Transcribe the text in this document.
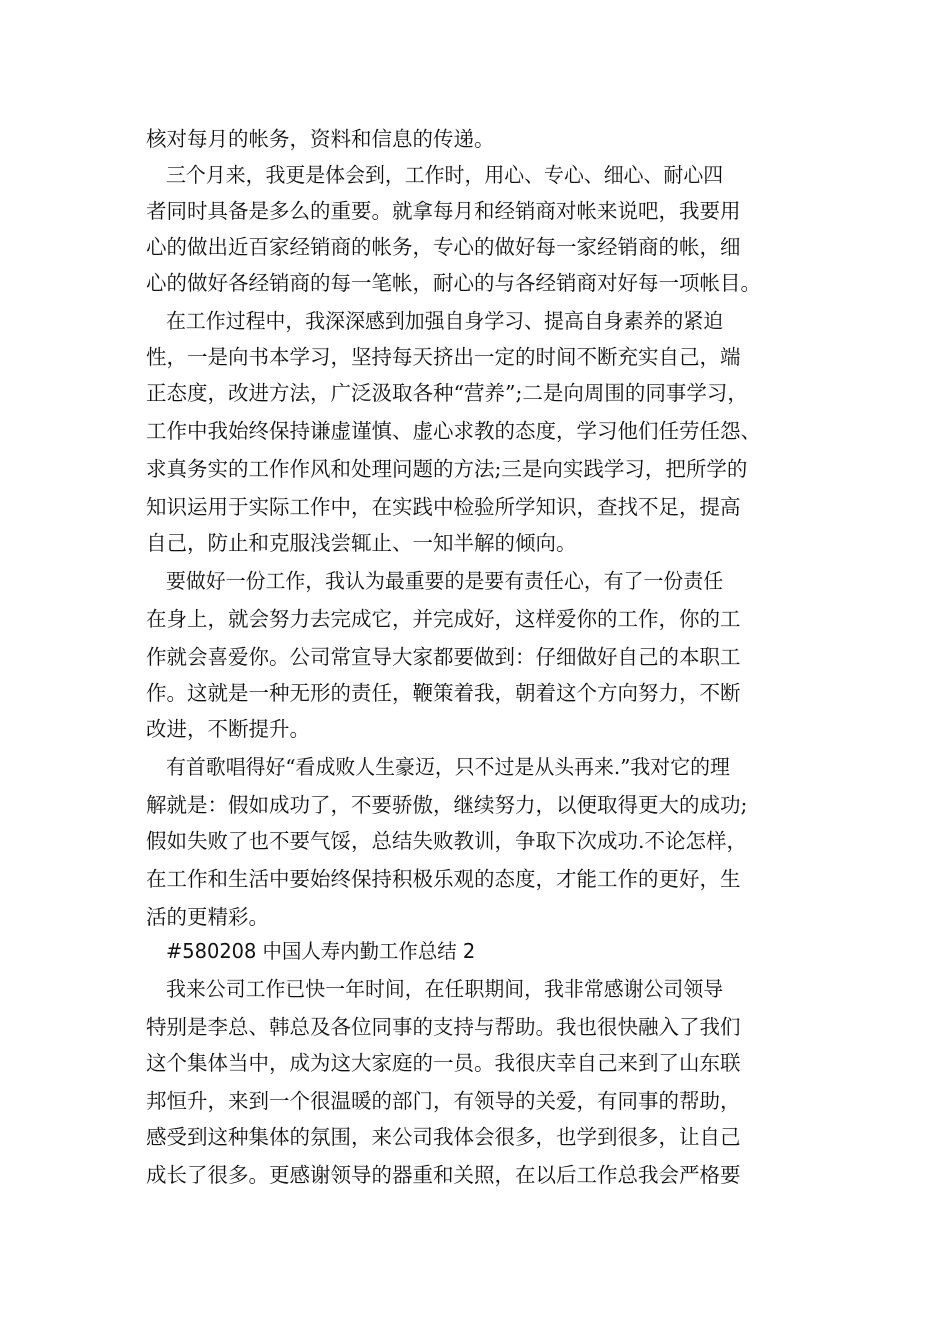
核对每月的帐务，资料和信息的传递。
三个月来，我更是体会到，工作时，用心、专心、细心、耐心四
者同时具备是多么的重要。就拿每月和经销商对帐来说吧，我要用
心的做出近百家经销商的帐务，专心的做好每一家经销商的帐，细
心的做好各经销商的每一笔帐，耐心的与各经销商对好每一项帐目。
在工作过程中，我深深感到加强自身学习、提高自身素养的紧迫
性，一是向书本学习，坚持每天挤出一定的时间不断充实自己，端
正态度，改进方法，广泛汲取各种“营养”;二是向周围的同事学习，
工作中我始终保持谦虚谨慎、虚心求教的态度，学习他们任劳任怨、
求真务实的工作作风和处理问题的方法;三是向实践学习，把所学的
知识运用于实际工作中，在实践中检验所学知识，查找不足，提高
自己，防止和克服浅尝辄止、一知半解的倾向。
要做好一份工作，我认为最重要的是要有责任心，有了一份责任
在身上，就会努力去完成它，并完成好，这样爱你的工作，你的工
作就会喜爱你。公司常宣导大家都要做到：仔细做好自己的本职工
作。这就是一种无形的责任，鞭策着我，朝着这个方向努力，不断
改进，不断提升。
有首歌唱得好“看成败人生豪迈，只不过是从头再来.”我对它的理
解就是：假如成功了，不要骄傲，继续努力，以便取得更大的成功;
假如失败了也不要气馁，总结失败教训，争取下次成功.不论怎样，
在工作和生活中要始终保持积极乐观的态度，才能工作的更好，生
活的更精彩。
#580208 中国人寿内勤工作总结 2
我来公司工作已快一年时间，在任职期间，我非常感谢公司领导
特别是李总、韩总及各位同事的支持与帮助。我也很快融入了我们
这个集体当中，成为这大家庭的一员。我很庆幸自己来到了山东联
邦恒升，来到一个很温暖的部门，有领导的关爱，有同事的帮助，
感受到这种集体的氛围，来公司我体会很多，也学到很多，让自己
成长了很多。更感谢领导的器重和关照，在以后工作总我会严格要
